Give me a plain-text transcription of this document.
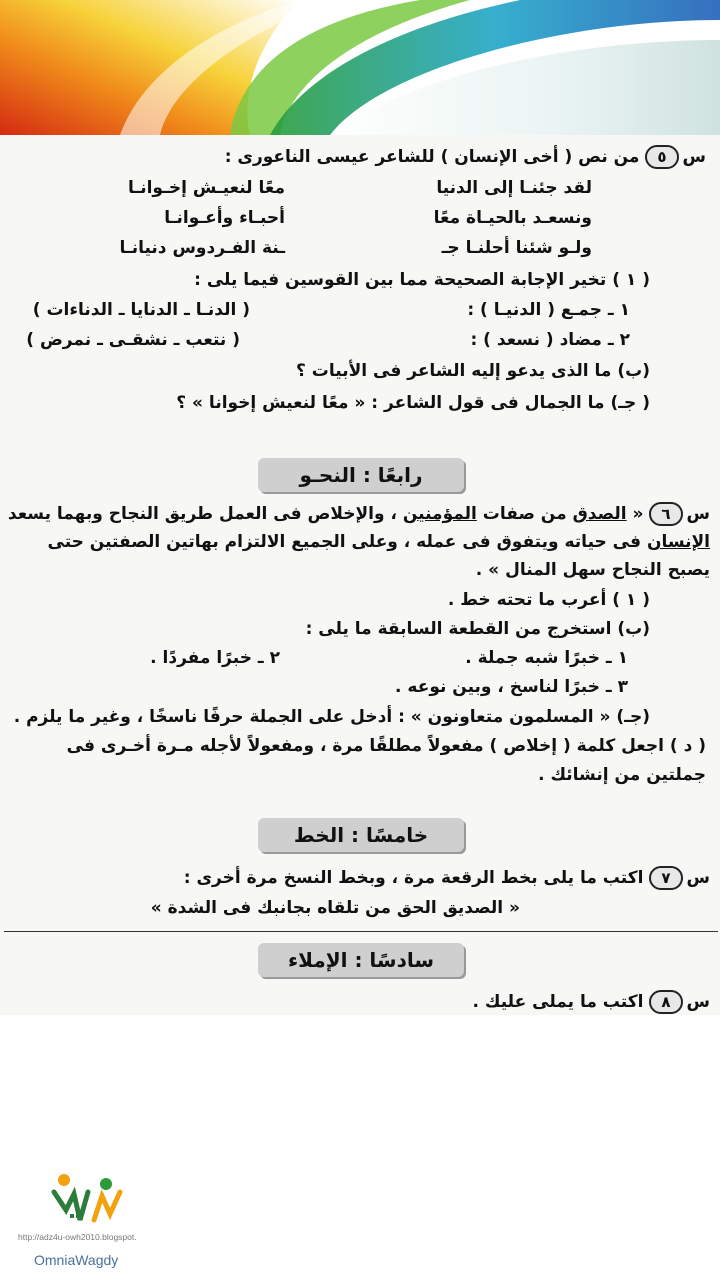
س
٥
من نص ( أخى الإنسان ) للشاعر عيسى الناعورى :
لقد جئنـا إلى الدنيا
معًا لنعيـش إخـوانـا
ونسعـد بالحيـاة معًا
أحبـاء وأعـوانـا
ولـو شئنا أحلنـا جـ
ـنة الفـردوس دنيانـا
( ١ ) تخير الإجابة الصحيحة مما بين القوسين فيما يلى :
١ ـ جمـع ( الدنيـا ) :
( الدنـا ـ الدنايا ـ الدناءات )
٢ ـ مضاد ( نسعد ) :
( نتعب ـ نشقـى ـ نمرض )
(ب) ما الذى يدعو إليه الشاعر فى الأبيات ؟
( جـ) ما الجمال فى قول الشاعر : « معًا لنعيش إخوانا » ؟
رابعًا : النحـو
س
٦
« الصدق من صفات المؤمنين ، والإخلاص فى العمل طريق النجاح وبهما يسعد
الإنسان فى حياته ويتفوق فى عمله ، وعلى الجميع الالتزام بهاتين الصفتين حتى
يصبح النجاح سهل المنال » .
( ١ ) أعرب ما تحته خط .
(ب) استخرج من القطعة السابقة ما يلى :
١ ـ خبرًا شبه جملة .
٢ ـ خبرًا مفردًا .
٣ ـ خبرًا لناسخ ، وبين نوعه .
(جـ) « المسلمون متعاونون » : أدخل على الجملة حرفًا ناسخًا ، وغير ما يلزم .
( د ) اجعل كلمة ( إخلاص ) مفعولاً مطلقًا مرة ، ومفعولاً لأجله مـرة أخـرى فى
جملتين من إنشائك .
خامسًا : الخط
س
٧
اكتب ما يلى بخط الرقعة مرة ، وبخط النسخ مرة أخرى :
« الصديق الحق من تلقاه بجانبك فى الشدة »
سادسًا : الإملاء
س
٨
اكتب ما يملى عليك .
http://adz4u-owh2010.blogspot.
OmniaWagdy
